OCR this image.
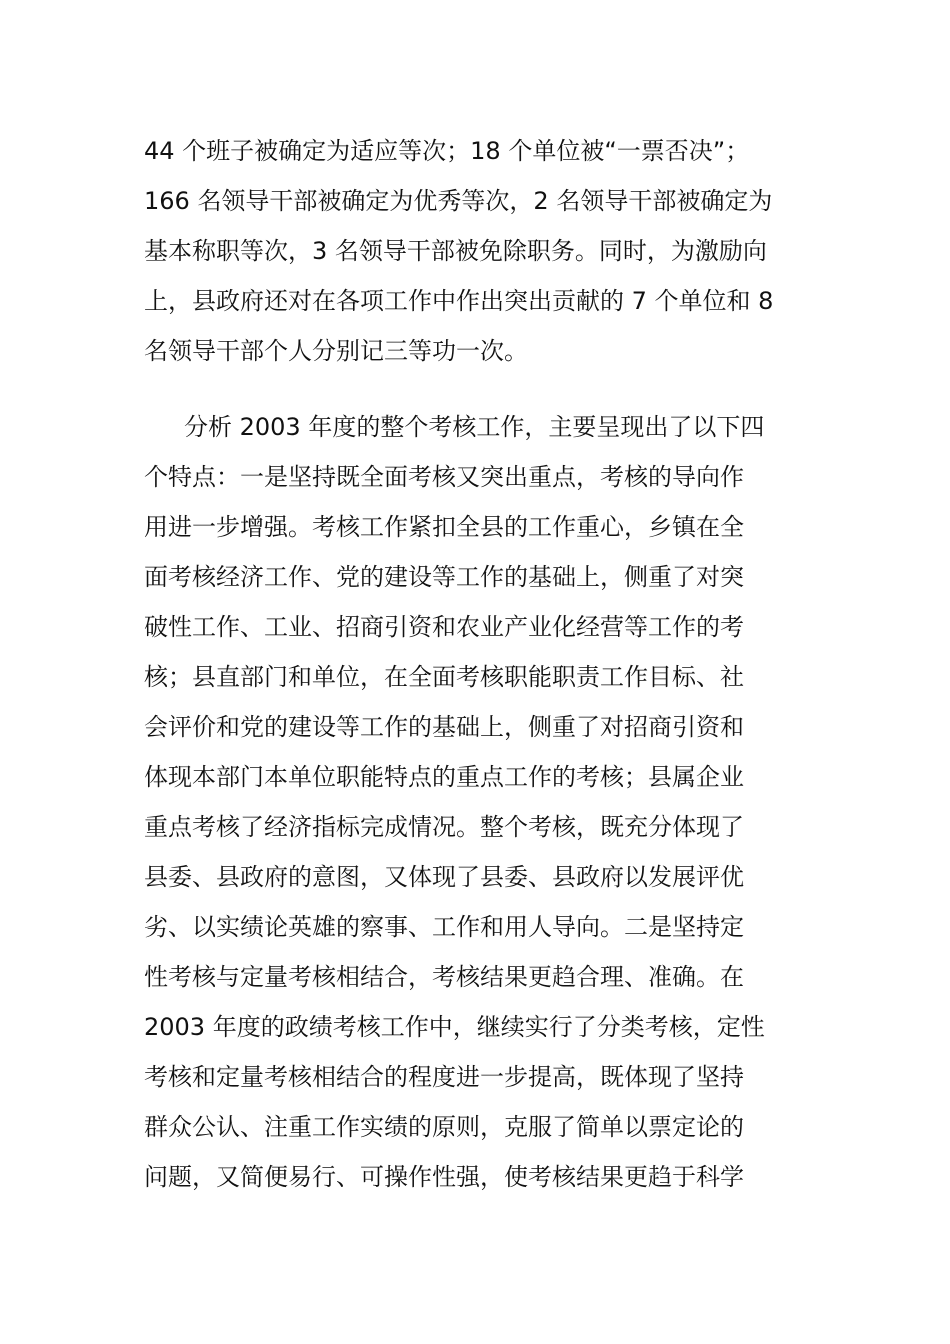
44 个班子被确定为适应等次；18 个单位被“一票否决”；
166 名领导干部被确定为优秀等次，2 名领导干部被确定为
基本称职等次，3 名领导干部被免除职务。同时，为激励向
上，县政府还对在各项工作中作出突出贡献的 7 个单位和 8
名领导干部个人分别记三等功一次。
分析 2003 年度的整个考核工作，主要呈现出了以下四
个特点：一是坚持既全面考核又突出重点，考核的导向作
用进一步增强。考核工作紧扣全县的工作重心，乡镇在全
面考核经济工作、党的建设等工作的基础上，侧重了对突
破性工作、工业、招商引资和农业产业化经营等工作的考
核；县直部门和单位，在全面考核职能职责工作目标、社
会评价和党的建设等工作的基础上，侧重了对招商引资和
体现本部门本单位职能特点的重点工作的考核；县属企业
重点考核了经济指标完成情况。整个考核，既充分体现了
县委、县政府的意图，又体现了县委、县政府以发展评优
劣、以实绩论英雄的察事、工作和用人导向。二是坚持定
性考核与定量考核相结合，考核结果更趋合理、准确。在
2003 年度的政绩考核工作中，继续实行了分类考核，定性
考核和定量考核相结合的程度进一步提高，既体现了坚持
群众公认、注重工作实绩的原则，克服了简单以票定论的
问题，又简便易行、可操作性强，使考核结果更趋于科学
